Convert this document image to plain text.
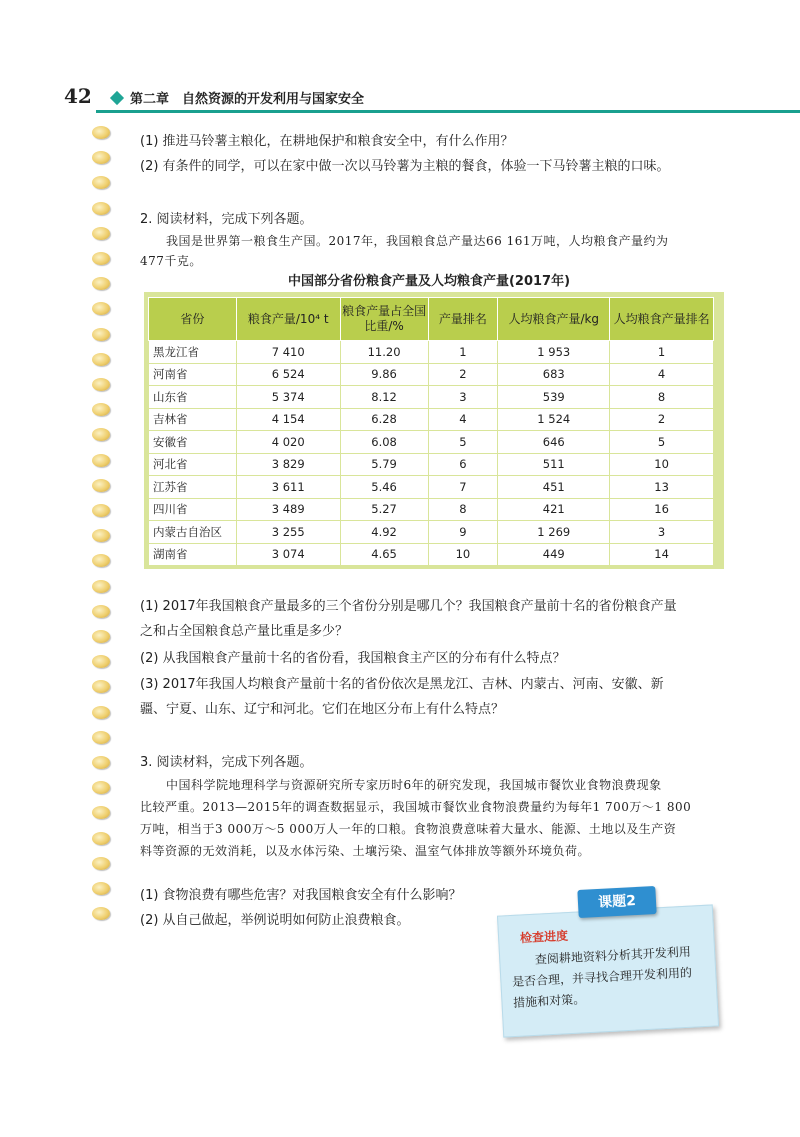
42	第二章　自然资源的开发利用与国家安全
(1) 推进马铃薯主粮化，在耕地保护和粮食安全中，有什么作用？
(2) 有条件的同学，可以在家中做一次以马铃薯为主粮的餐食，体验一下马铃薯主粮的口味。
2. 阅读材料，完成下列各题。
我国是世界第一粮食生产国。2017年，我国粮食总产量达66 161万吨，人均粮食产量约为
477千克。
中国部分省份粮食产量及人均粮食产量(2017年)
省份	粮食产量/10⁴ t	粮食产量占全国比重/%	产量排名	人均粮食产量/kg	人均粮食产量排名
黑龙江省	7 410	11.20	1	1 953	1
河南省	6 524	9.86	2	683	4
山东省	5 374	8.12	3	539	8
吉林省	4 154	6.28	4	1 524	2
安徽省	4 020	6.08	5	646	5
河北省	3 829	5.79	6	511	10
江苏省	3 611	5.46	7	451	13
四川省	3 489	5.27	8	421	16
内蒙古自治区	3 255	4.92	9	1 269	3
湖南省	3 074	4.65	10	449	14
(1) 2017年我国粮食产量最多的三个省份分别是哪几个？我国粮食产量前十名的省份粮食产量
之和占全国粮食总产量比重是多少？
(2) 从我国粮食产量前十名的省份看，我国粮食主产区的分布有什么特点？
(3) 2017年我国人均粮食产量前十名的省份依次是黑龙江、吉林、内蒙古、河南、安徽、新
疆、宁夏、山东、辽宁和河北。它们在地区分布上有什么特点？
3. 阅读材料，完成下列各题。
中国科学院地理科学与资源研究所专家历时6年的研究发现，我国城市餐饮业食物浪费现象
比较严重。2013—2015年的调查数据显示，我国城市餐饮业食物浪费量约为每年1 700万～1 800
万吨，相当于3 000万～5 000万人一年的口粮。食物浪费意味着大量水、能源、土地以及生产资
料等资源的无效消耗，以及水体污染、土壤污染、温室气体排放等额外环境负荷。
(1) 食物浪费有哪些危害？对我国粮食安全有什么影响？
(2) 从自己做起，举例说明如何防止浪费粮食。
课题2
检查进度
查阅耕地资料分析其开发利用是否合理，并寻找合理开发利用的措施和对策。
